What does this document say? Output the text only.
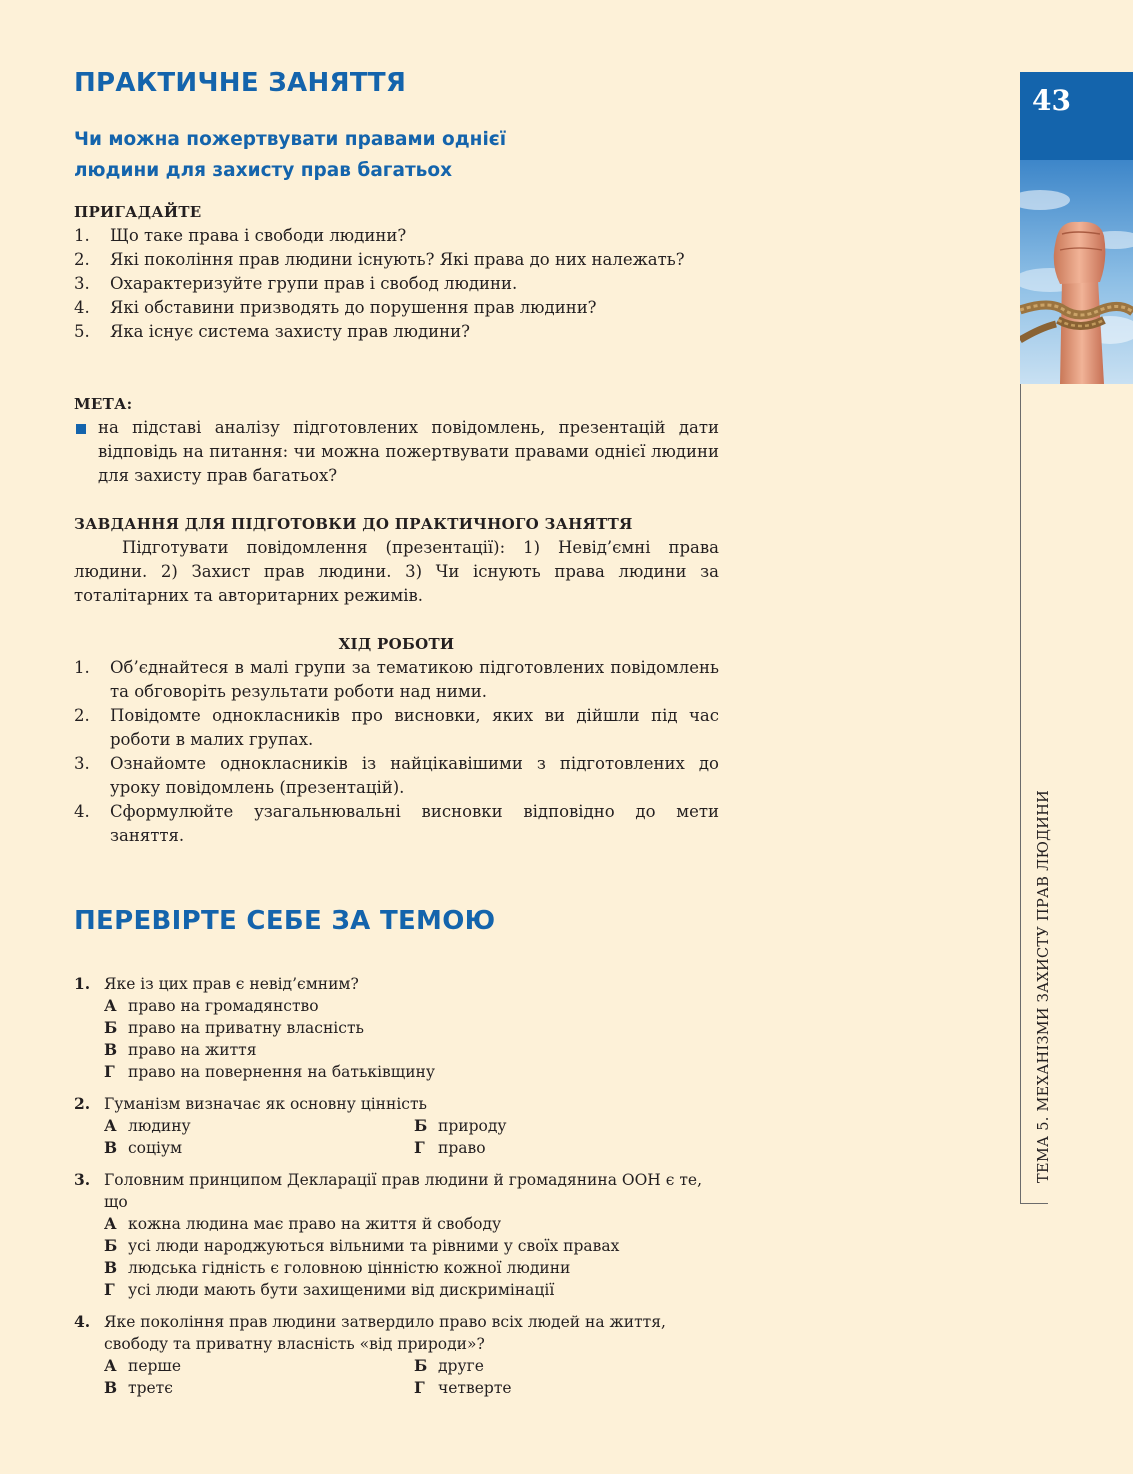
43
ТЕМА 5. МЕХАНІЗМИ ЗАХИСТУ ПРАВ ЛЮДИНИ
ПРАКТИЧНЕ ЗАНЯТТЯ
Чи можна пожертвувати правами однієї
людини для захисту прав багатьох
ПРИГАДАЙТЕ
1.	Що таке права і свободи людини?
2.	Які покоління прав людини існують? Які права до них належать?
3.	Охарактеризуйте групи прав і свобод людини.
4.	Які обставини призводять до порушення прав людини?
5.	Яка існує система захисту прав людини?
МЕТА:
на підставі аналізу підготовлених повідомлень, презентацій дати відповідь на питання: чи можна пожертвувати правами однієї людини для захисту прав багатьох?
ЗАВДАННЯ ДЛЯ ПІДГОТОВКИ ДО ПРАКТИЧНОГО ЗАНЯТТЯ
Підготувати повідомлення (презентації): 1) Невід’ємні права людини. 2) Захист прав людини. 3) Чи існують права людини за тоталітарних та авторитарних режимів.
ХІД РОБОТИ
1.	Об’єднайтеся в малі групи за тематикою підготовлених повідомлень та обговоріть результати роботи над ними.
2.	Повідомте однокласників про висновки, яких ви дійшли під час роботи в малих групах.
3.	Ознайомте однокласників із найцікавішими з підготовлених до уроку повідомлень (презентацій).
4.	Сформулюйте узагальнювальні висновки відповідно до мети заняття.
ПЕРЕВІРТЕ СЕБЕ ЗА ТЕМОЮ
1. Яке із цих прав є невід’ємним?
А право на громадянство
Б право на приватну власність
В право на життя
Г право на повернення на батьківщину
2. Гуманізм визначає як основну цінність
А людину	Б природу
В соціум	Г право
3. Головним принципом Декларації прав людини й громадянина ООН є те, що
А кожна людина має право на життя й свободу
Б усі люди народжуються вільними та рівними у своїх правах
В людська гідність є головною цінністю кожної людини
Г усі люди мають бути захищеними від дискримінації
4. Яке покоління прав людини затвердило право всіх людей на життя, свободу та приватну власність «від природи»?
А перше	Б друге
В третє	Г четверте
